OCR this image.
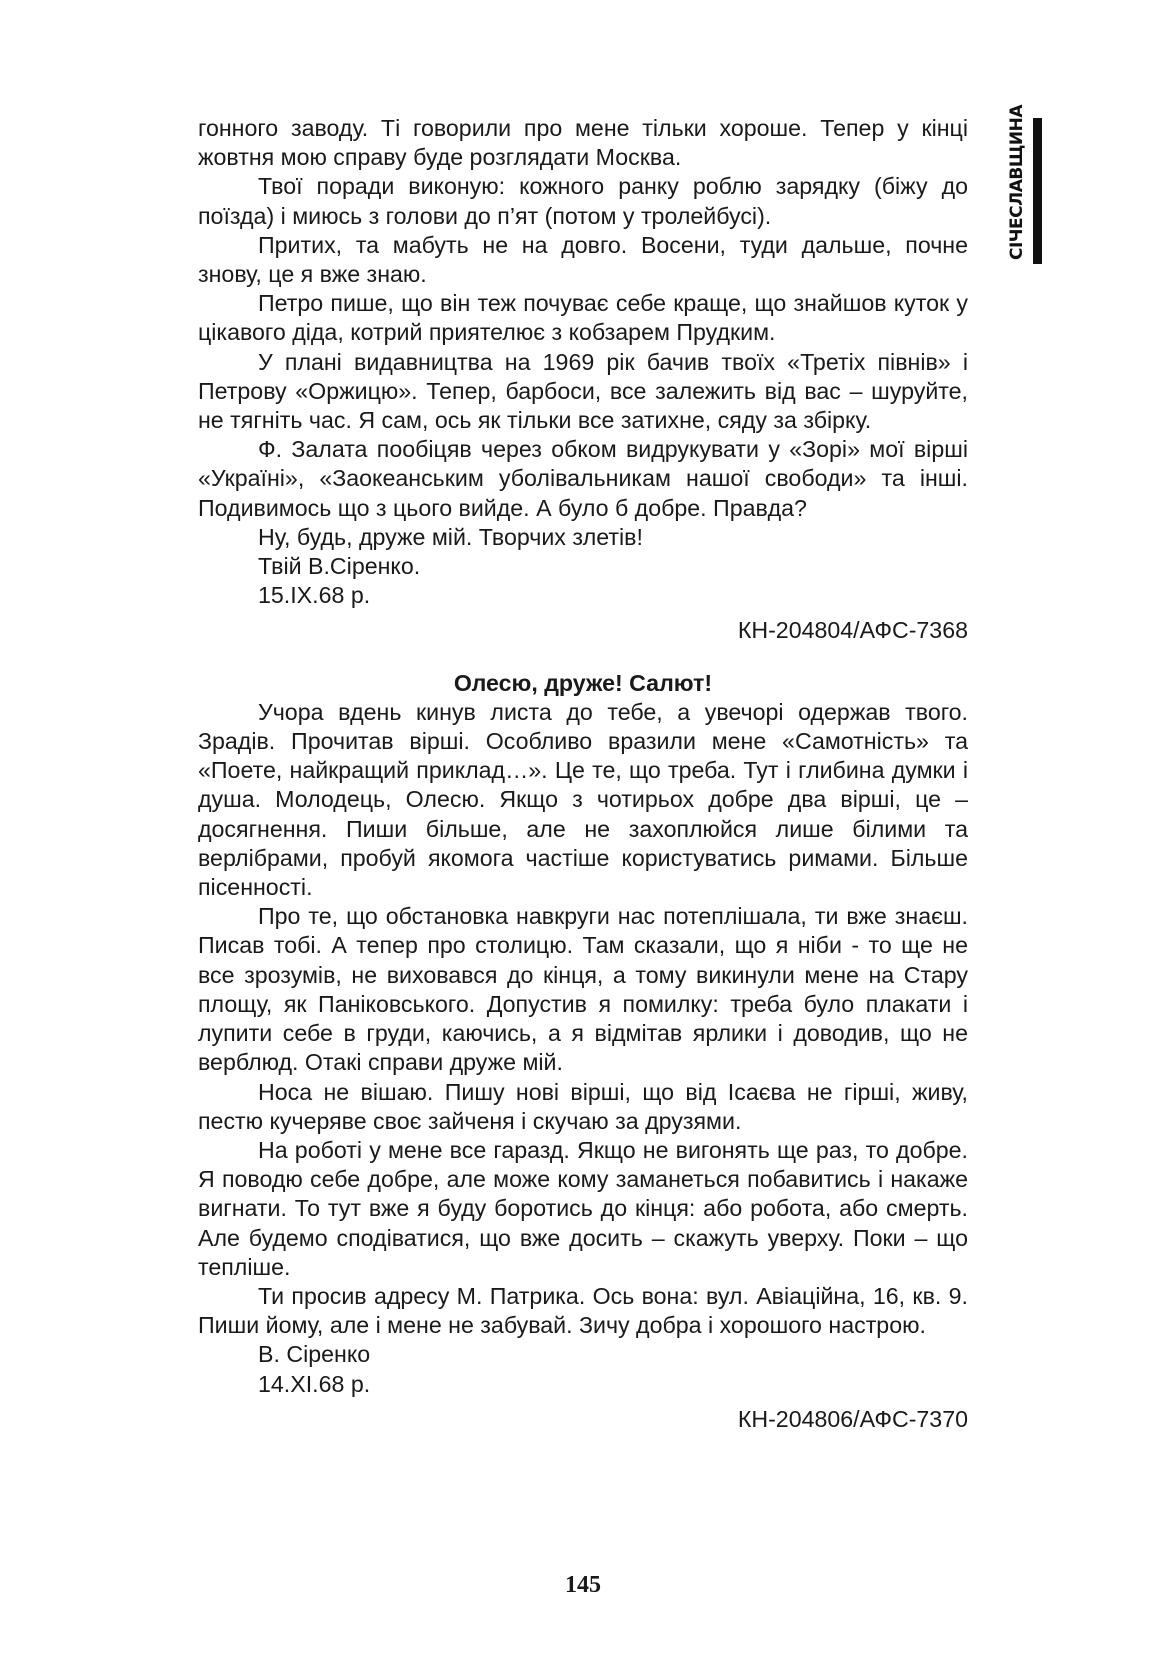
СІЧЕСЛАВЩИНА

гонного заводу. Ті говорили про мене тільки хороше. Тепер у кінці жовтня мою справу буде розглядати Москва.

Твої поради виконую: кожного ранку роблю зарядку (біжу до поїзда) і миюсь з голови до п’ят (потом у тролейбусі).

Притих, та мабуть не на довго. Восени, туди дальше, почне знову, це я вже знаю.

Петро пише, що він теж почуває себе краще, що знайшов куток у цікавого діда, котрий приятелює з кобзарем Прудким.

У плані видавництва на 1969 рік бачив твоїх «Третіх півнів» і Петрову «Оржицю». Тепер, барбоси, все залежить від вас – шуруйте, не тягніть час. Я сам, ось як тільки все затихне, сяду за збірку.

Ф. Залата пообіцяв через обком видрукувати у «Зорі» мої вірші «Україні», «Заокеанським уболівальникам нашої свободи» та інші. Подивимось що з цього вийде. А було б добре. Правда?

Ну, будь, друже мій. Творчих злетів!

Твій В.Сіренко.

15.IX.68 р.

КН-204804/АФС-7368

Олесю, друже! Салют!

Учора вдень кинув листа до тебе, а увечорі одержав твого. Зрадів. Прочитав вірші. Особливо вразили мене «Самотність» та «Поете, найкращий приклад…». Це те, що треба. Тут і глибина думки і душа. Молодець, Олесю. Якщо з чотирьох добре два вірші, це – досягнення. Пиши більше, але не захоплюйся лише білими та верлібрами, пробуй якомога частіше користуватись римами. Більше пісенності.

Про те, що обстановка навкруги нас потеплішала, ти вже знаєш. Писав тобі. А тепер про столицю. Там сказали, що я ніби - то ще не все зрозумів, не виховався до кінця, а тому викинули мене на Стару площу, як Паніковського. Допустив я помилку: треба було плакати і лупити себе в груди, каючись, а я відмітав ярлики і доводив, що не верблюд. Отакі справи друже мій.

Носа не вішаю. Пишу нові вірші, що від Ісаєва не гірші, живу, пестю кучеряве своє зайченя і скучаю за друзями.

На роботі у мене все гаразд. Якщо не вигонять ще раз, то добре. Я поводю себе добре, але може кому заманеться побавитись і накаже вигнати. То тут вже я буду боротись до кінця: або робота, або смерть. Але будемо сподіватися, що вже досить – скажуть уверху. Поки – що тепліше.

Ти просив адресу М. Патрика. Ось вона: вул. Авіаційна, 16, кв. 9. Пиши йому, але і мене не забувай. Зичу добра і хорошого настрою.

В. Сіренко

14.XI.68 р.

КН-204806/АФС-7370

145
